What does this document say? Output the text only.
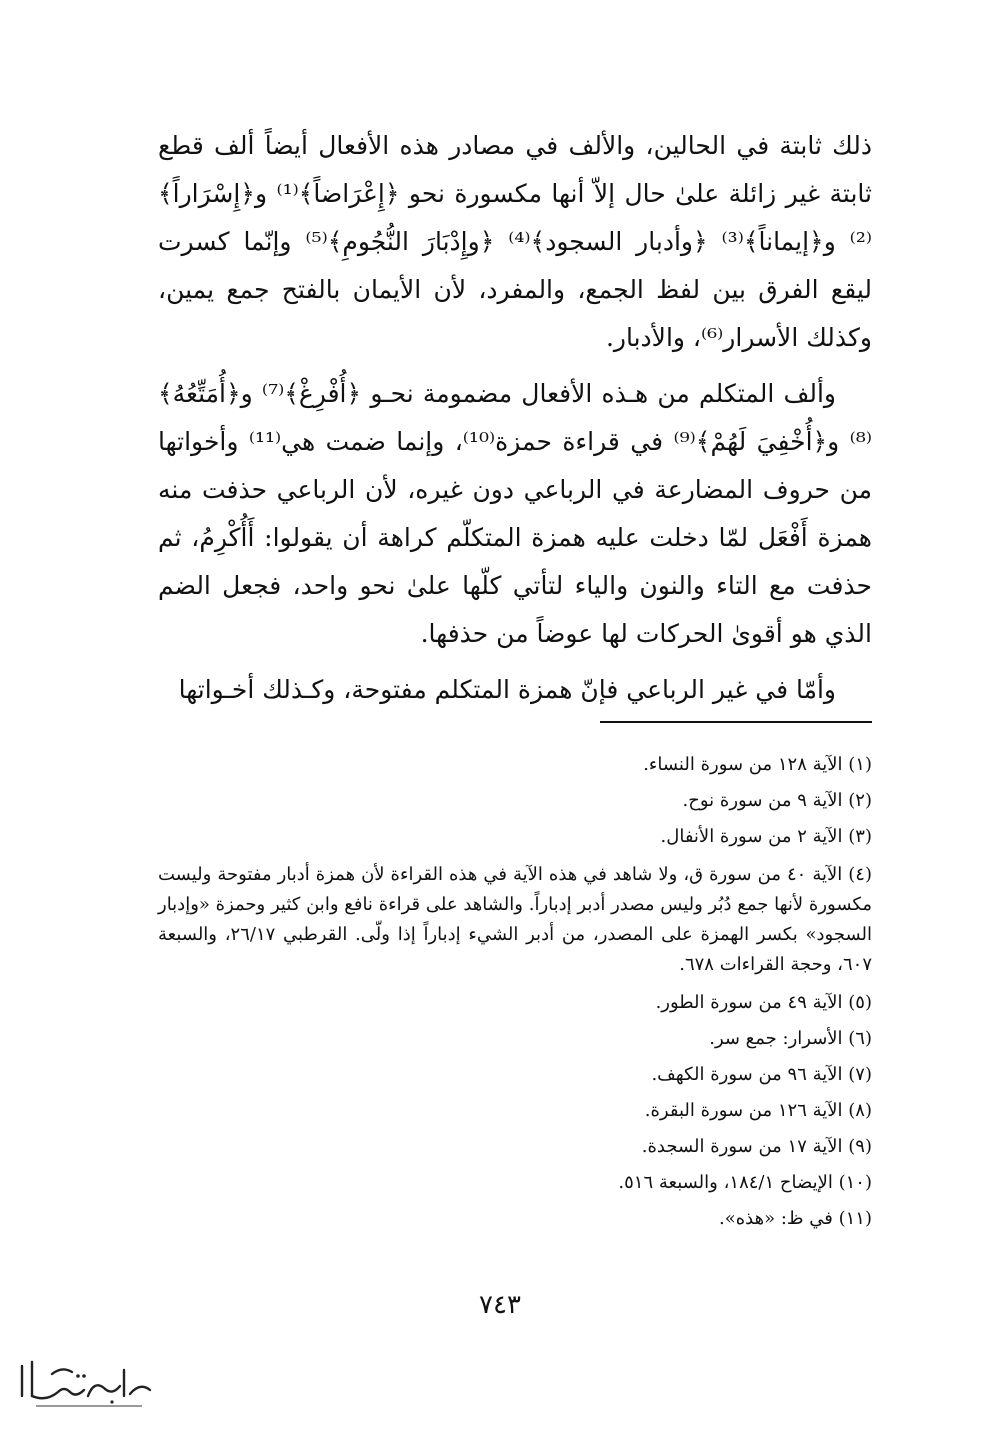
ذلك ثابتة في الحالين، والألف في مصادر هذه الأفعال أيضاً ألف قطع ثابتة غير زائلة علىٰ حال إلاّ أنها مكسورة نحو ﴿إِعْرَاضاً﴾⁽¹⁾ و﴿إِسْرَاراً﴾⁽²⁾ و﴿إيماناً﴾⁽³⁾ ﴿وأدبار السجود﴾⁽⁴⁾ ﴿وإِدْبَارَ النُّجُومِ﴾⁽⁵⁾ وإنّما كسرت ليقع الفرق بين لفظ الجمع، والمفرد، لأن الأيمان بالفتح جمع يمين، وكذلك الأسرار⁽⁶⁾، والأدبار.

وألف المتكلم من هـذه الأفعال مضمومة نحـو ﴿أُفْرِغْ﴾⁽⁷⁾ و﴿أُمَتِّعُهُ﴾⁽⁸⁾ و﴿أُخْفِيَ لَهُمْ﴾⁽⁹⁾ في قراءة حمزة⁽¹⁰⁾، وإنما ضمت هي⁽¹¹⁾ وأخواتها من حروف المضارعة في الرباعي دون غيره، لأن الرباعي حذفت منه همزة أَفْعَل لمّا دخلت عليه همزة المتكلّم كراهة أن يقولوا: أَأُكْرِمُ، ثم حذفت مع التاء والنون والياء لتأتي كلّها علىٰ نحو واحد، فجعل الضم الذي هو أقوىٰ الحركات لها عوضاً من حذفها.

وأمّا في غير الرباعي فإنّ همزة المتكلم مفتوحة، وكـذلك أخـواتها

(١) الآية ١٢٨ من سورة النساء.

(٢) الآية ٩ من سورة نوح.

(٣) الآية ٢ من سورة الأنفال.

(٤) الآية ٤٠ من سورة ق، ولا شاهد في هذه الآية في هذه القراءة لأن همزة أدبار مفتوحة وليست مكسورة لأنها جمع دُبُر وليس مصدر أدبر إدباراً. والشاهد على قراءة نافع وابن كثير وحمزة «وإدبار السجود» بكسر الهمزة على المصدر، من أدبر الشيء إدباراً إذا ولّى. القرطبي ٢٦/١٧، والسبعة ٦٠٧، وحجة القراءات ٦٧٨.

(٥) الآية ٤٩ من سورة الطور.

(٦) الأسرار: جمع سر.

(٧) الآية ٩٦ من سورة الكهف.

(٨) الآية ١٢٦ من سورة البقرة.

(٩) الآية ١٧ من سورة السجدة.

(١٠) الإيضاح ١٨٤/١، والسبعة ٥١٦.

(١١) في ظ: «هذه».

٧٤٣
